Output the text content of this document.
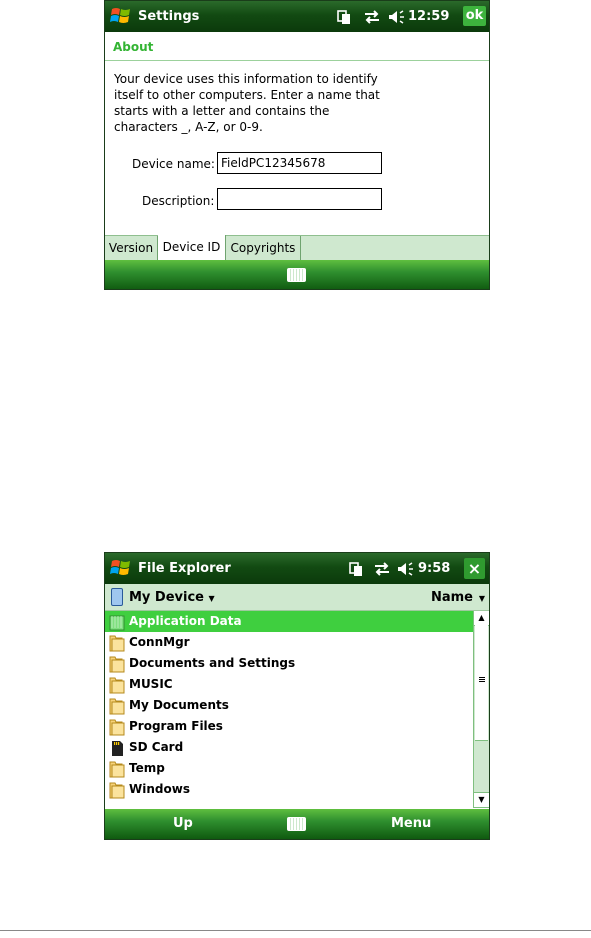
Settings	12:59 ok
About
Your device uses this information to identify
itself to other computers. Enter a name that
starts with a letter and contains the
characters _, A-Z, or 0-9.
Device name:
FieldPC12345678
Description:
Version Device ID Copyrights
File Explorer	9:58 ×
My Device ▼	Name ▼
Application Data
ConnMgr
Documents and Settings
MUSIC
My Documents
Program Files
SD Card
Temp
Windows
▲
▼
Up	Menu
